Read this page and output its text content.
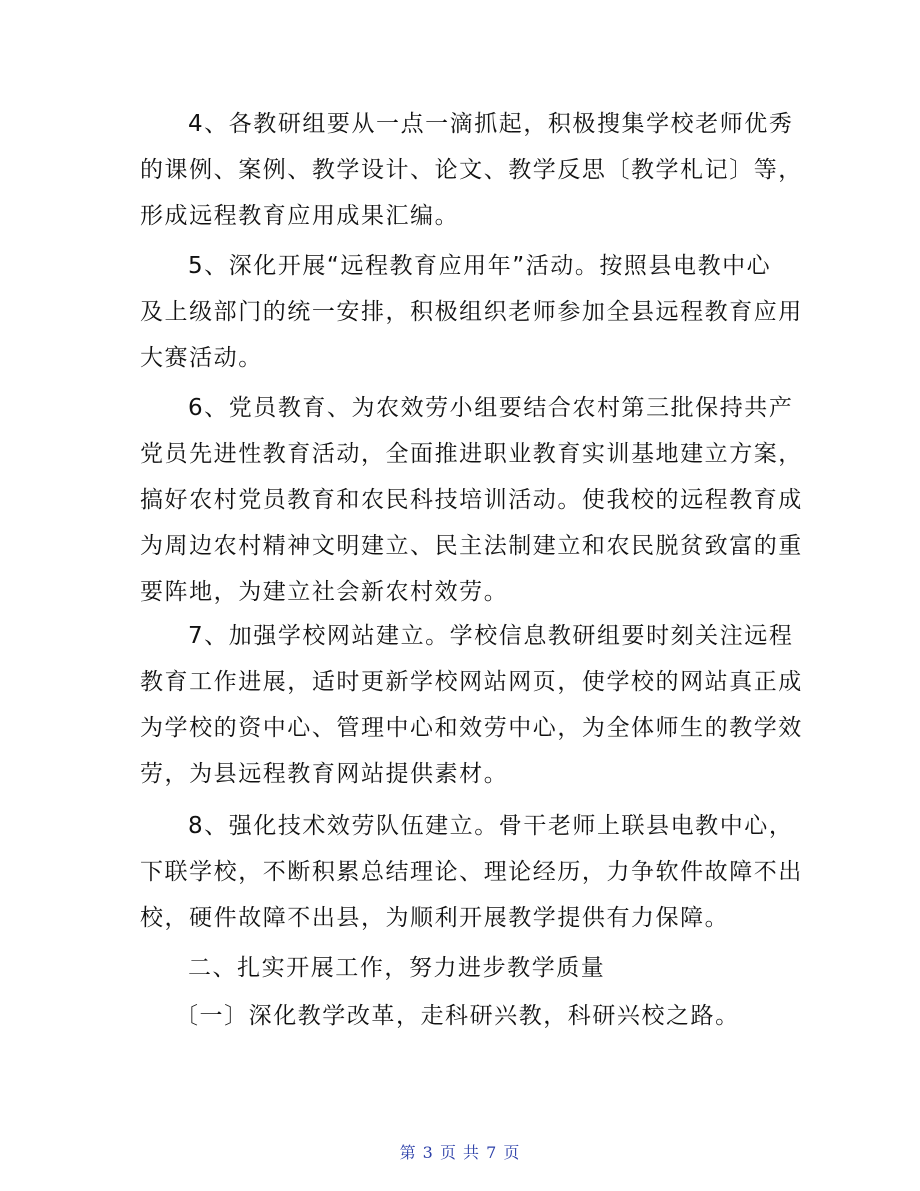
4、各教研组要从一点一滴抓起，积极搜集学校老师优秀
的课例、案例、教学设计、论文、教学反思〔教学札记〕等，
形成远程教育应用成果汇编。
5、深化开展“远程教育应用年”活动。按照县电教中心
及上级部门的统一安排，积极组织老师参加全县远程教育应用
大赛活动。
6、党员教育、为农效劳小组要结合农村第三批保持共产
党员先进性教育活动，全面推进职业教育实训基地建立方案，
搞好农村党员教育和农民科技培训活动。使我校的远程教育成
为周边农村精神文明建立、民主法制建立和农民脱贫致富的重
要阵地，为建立社会新农村效劳。
7、加强学校网站建立。学校信息教研组要时刻关注远程
教育工作进展，适时更新学校网站网页，使学校的网站真正成
为学校的资中心、管理中心和效劳中心，为全体师生的教学效
劳，为县远程教育网站提供素材。
8、强化技术效劳队伍建立。骨干老师上联县电教中心，
下联学校，不断积累总结理论、理论经历，力争软件故障不出
校，硬件故障不出县，为顺利开展教学提供有力保障。
二、扎实开展工作，努力进步教学质量
〔一〕深化教学改革，走科研兴教，科研兴校之路。
第 3 页 共 7 页
